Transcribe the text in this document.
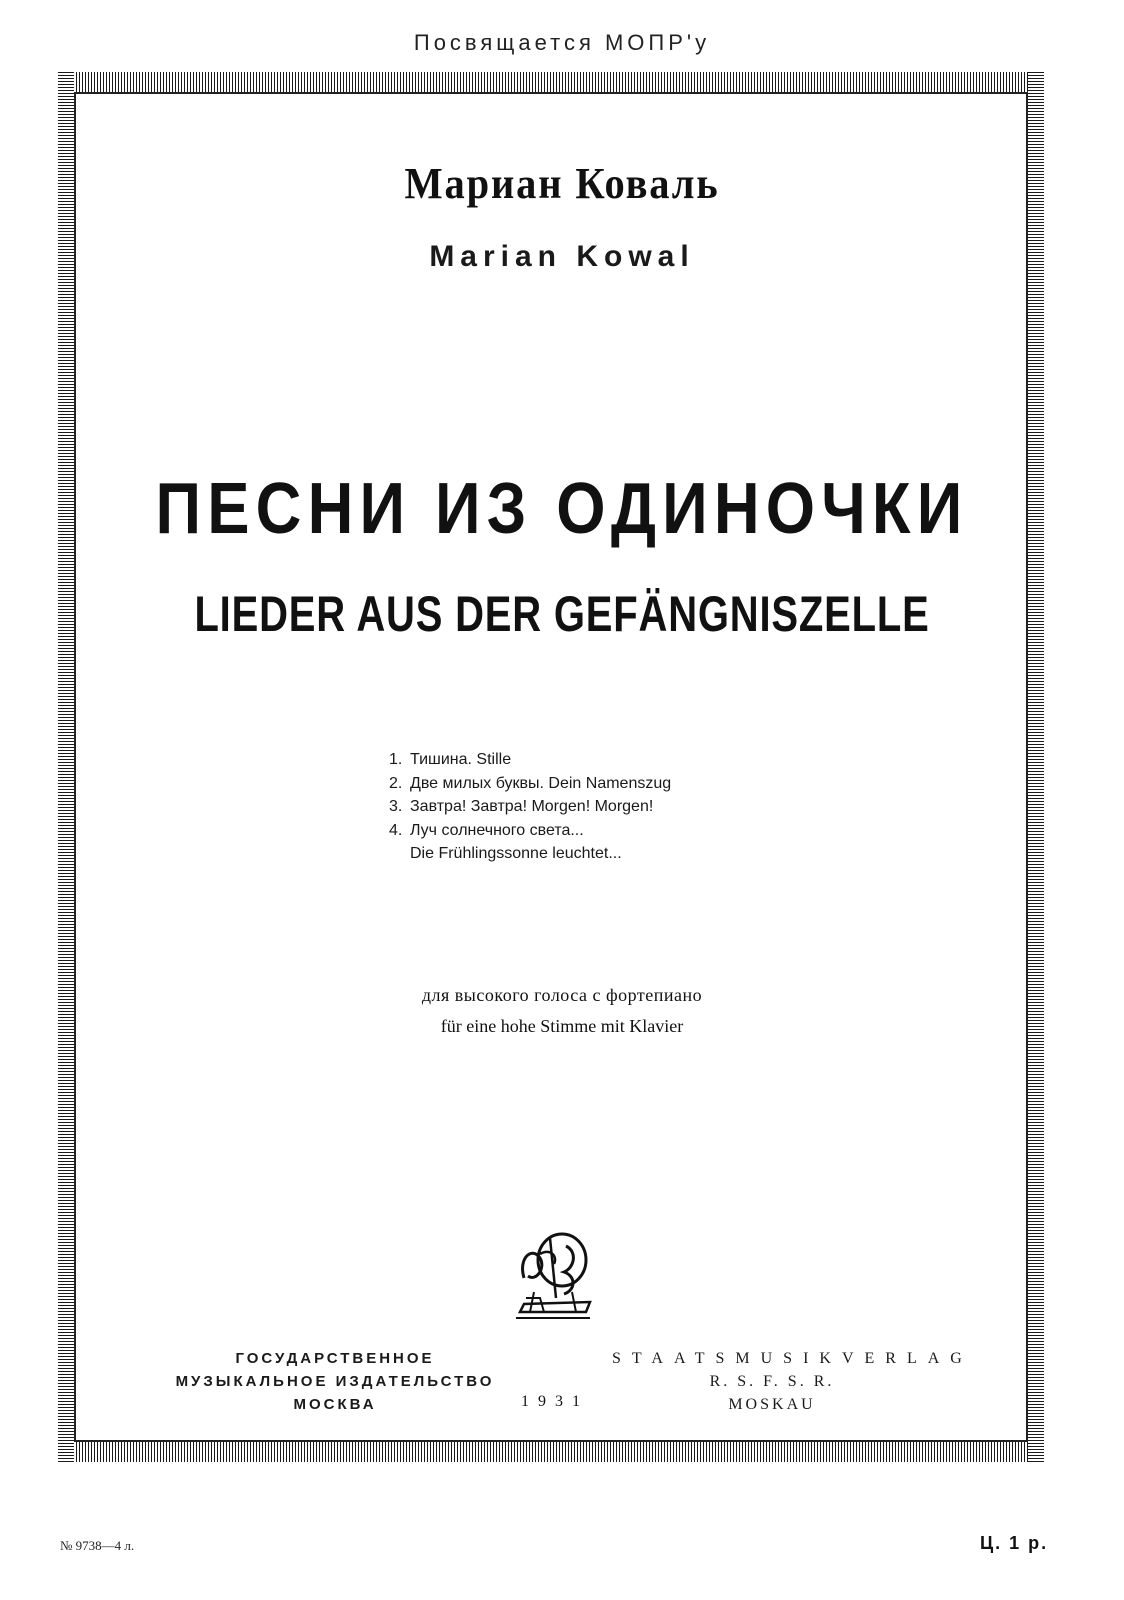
Посвящается МОПР'у
Мариан Коваль
Marian Kowal
ПЕСНИ ИЗ ОДИНОЧКИ
LIEDER AUS DER GEFÄNGNISZELLE
1. Тишина. Stille
2. Две милых буквы. Dein Namenszug
3. Завтра! Завтра! Morgen! Morgen!
4. Луч солнечного света...
Die Frühlingssonne leuchtet...
для высокого голоса с фортепиано
für eine hohe Stimme mit Klavier
ГОСУДАРСТВЕННОЕ
МУЗЫКАЛЬНОЕ ИЗДАТЕЛЬСТВО
МОСКВА	1931
STAATSMUSIKVERLAG
R. S. F. S. R.
MOSKAU
№ 9738—4 л.	Ц. 1 р.
